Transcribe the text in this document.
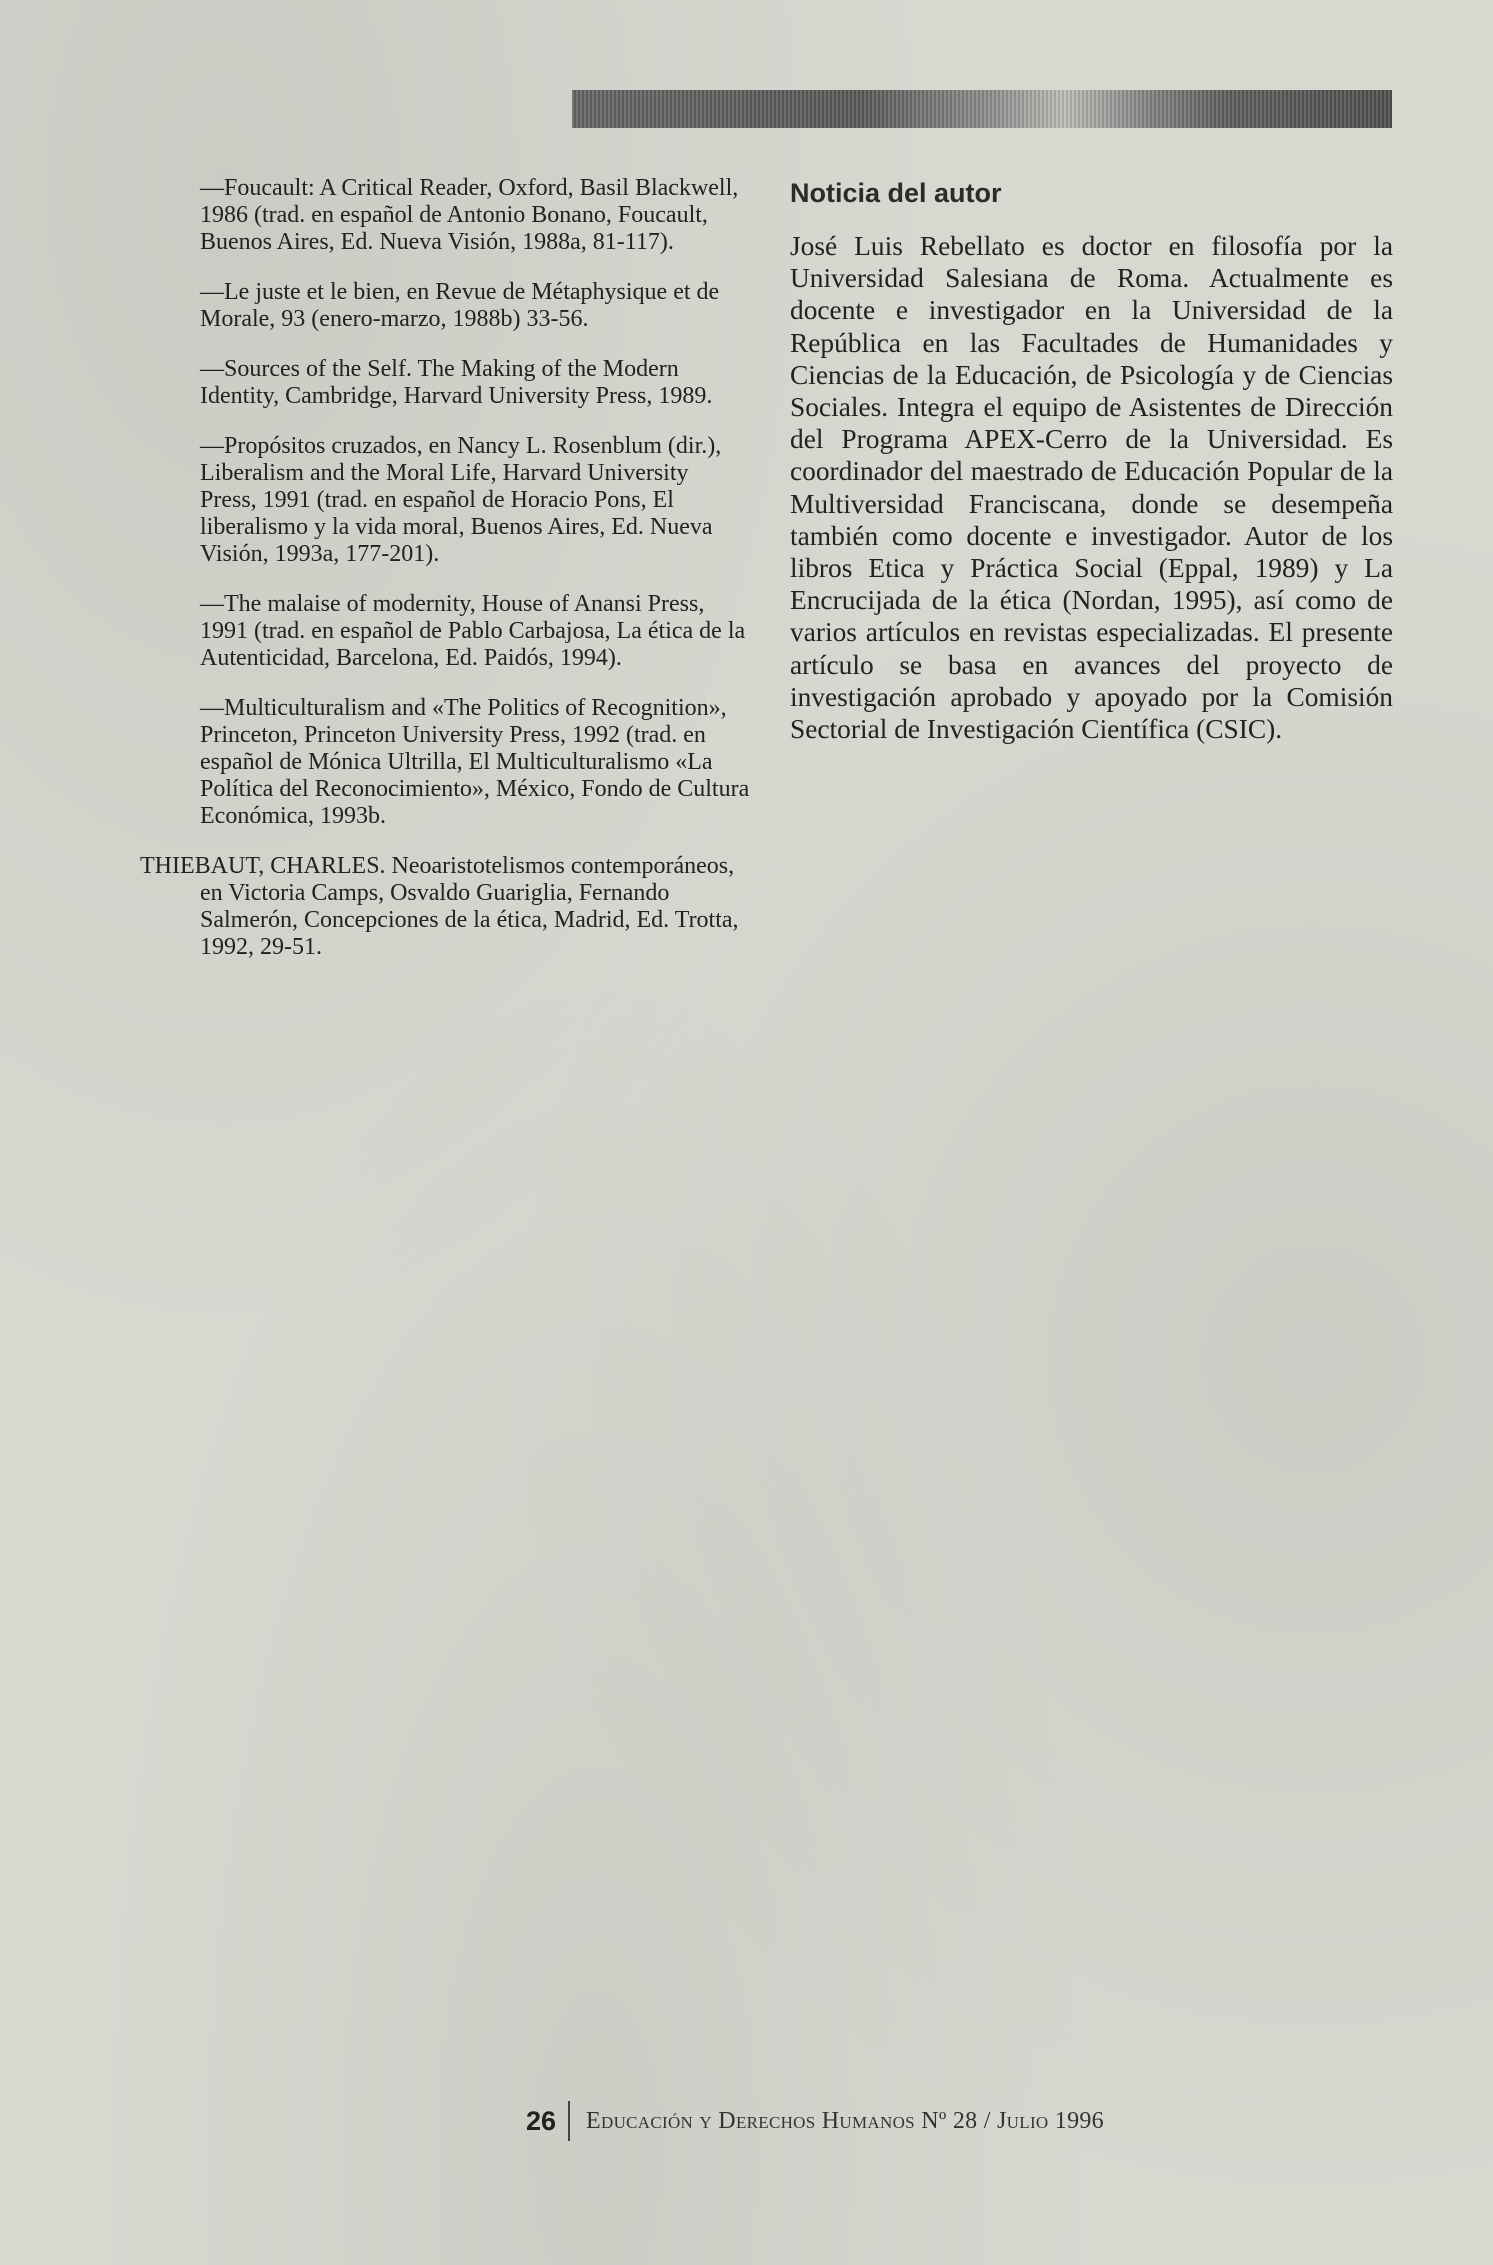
—Foucault: A Critical Reader, Oxford, Basil Blackwell, 1986 (trad. en español de Antonio Bonano, Foucault, Buenos Aires, Ed. Nueva Visión, 1988a, 81-117).

—Le juste et le bien, en Revue de Métaphysique et de Morale, 93 (enero-marzo, 1988b) 33-56.

—Sources of the Self. The Making of the Modern Identity, Cambridge, Harvard University Press, 1989.

—Propósitos cruzados, en Nancy L. Rosenblum (dir.), Liberalism and the Moral Life, Harvard University Press, 1991 (trad. en español de Horacio Pons, El liberalismo y la vida moral, Buenos Aires, Ed. Nueva Visión, 1993a, 177-201).

—The malaise of modernity, House of Anansi Press, 1991 (trad. en español de Pablo Carbajosa, La ética de la Autenticidad, Barcelona, Ed. Paidós, 1994).

—Multiculturalism and «The Politics of Recognition», Princeton, Princeton University Press, 1992 (trad. en español de Mónica Ultrilla, El Multiculturalismo «La Política del Reconocimiento», México, Fondo de Cultura Económica, 1993b.

THIEBAUT, CHARLES. Neoaristotelismos contemporáneos, en Victoria Camps, Osvaldo Guariglia, Fernando Salmerón, Concepciones de la ética, Madrid, Ed. Trotta, 1992, 29-51.

Noticia del autor

José Luis Rebellato es doctor en filosofía por la Universidad Salesiana de Roma. Actualmente es docente e investigador en la Universidad de la República en las Facultades de Humanidades y Ciencias de la Educación, de Psicología y de Ciencias Sociales. Integra el equipo de Asistentes de Dirección del Programa APEX-Cerro de la Universidad. Es coordinador del maestrado de Educación Popular de la Multiversidad Franciscana, donde se desempeña también como docente e investigador. Autor de los libros Etica y Práctica Social (Eppal, 1989) y La Encrucijada de la ética (Nordan, 1995), así como de varios artículos en revistas especializadas. El presente artículo se basa en avances del proyecto de investigación aprobado y apoyado por la Comisión Sectorial de Investigación Científica (CSIC).

26	Educación y Derechos Humanos Nº 28 / Julio 1996
